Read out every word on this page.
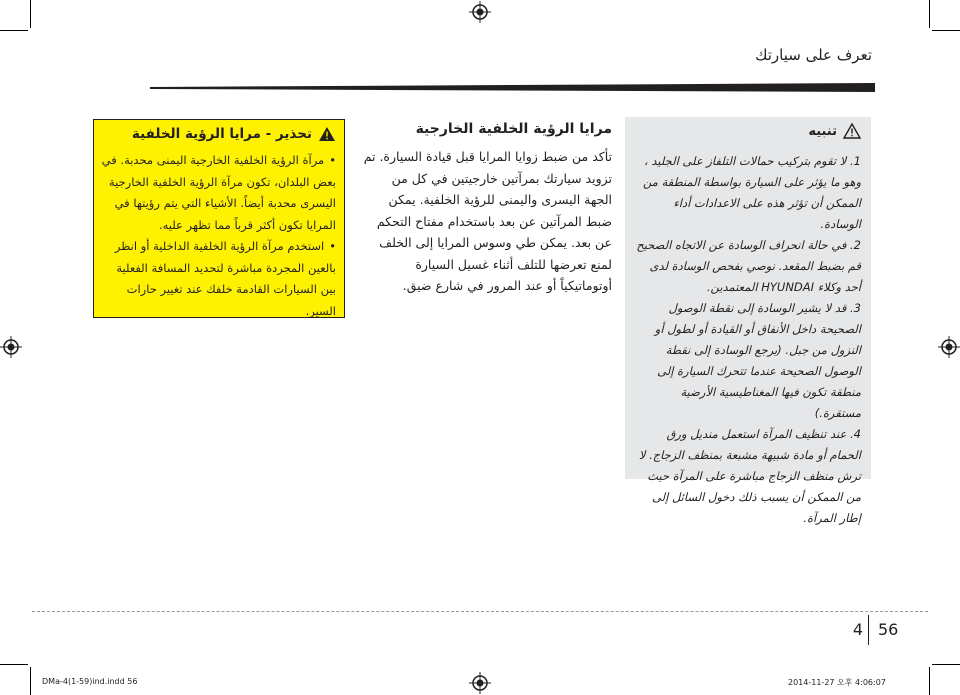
تعرف على سيارتك
تنبيه
1. لا تقوم بتركيب حمالات التلفاز على الجليد ، وهو ما يؤثر على السيارة بواسطة المنطقة من الممكن أن تؤثر هذه على الاعدادات أداء الوسادة.
2. في حالة انحراف الوسادة عن الاتجاه الصحيح قم بضبط المقعد. نوصي بفحص الوسادة لدى أحد وكلاء HYUNDAI المعتمدين.
3. قد لا يشير الوسادة إلى نقطة الوصول الصحيحة داخل الأنفاق أو القيادة أو لطول أو النزول من جبل. (يرجع الوسادة إلى نقطة الوصول الصحيحة عندما تتحرك السيارة إلى منطقة تكون فيها المغناطيسية الأرضية مستقرة.)
4. عند تنظيف المرآة استعمل منديل ورق الحمام أو مادة شبيهة مشبعة بمنظف الزجاج. لا ترش منظف الزجاج مباشرة على المرآة حيث من الممكن أن يسبب ذلك دخول السائل إلى إطار المرآة.
مرايا الرؤية الخلفية الخارجية
تأكد من ضبط زوايا المرايا قبل قيادة السيارة. تم تزويد سيارتك بمرآتين خارجيتين في كل من الجهة اليسرى واليمنى للرؤية الخلفية. يمكن ضبط المرآتين عن بعد باستخدام مفتاح التحكم عن بعد. يمكن طي وسوس المرايا إلى الخلف لمنع تعرضها للتلف أثناء غسيل السيارة أوتوماتيكياً أو عند المرور في شارع ضيق.
تحذير - مرايا الرؤية الخلفية
• مرآة الرؤية الخلفية الخارجية اليمنى محدبة. في بعض البلدان، تكون مرآة الرؤية الخلفية الخارجية اليسرى محدبة أيضاً. الأشياء التي يتم رؤيتها في المرايا تكون أكثر قرباً مما تظهر عليه.
• استخدم مرآة الرؤية الخلفية الداخلية أو انظر بالعين المجردة مباشرة لتحديد المسافة الفعلية بين السيارات القادمة خلفك عند تغيير حارات السير.
4 56
DMa-4(1-59)ind.indd 56	2014-11-27 오후 4:06:07
